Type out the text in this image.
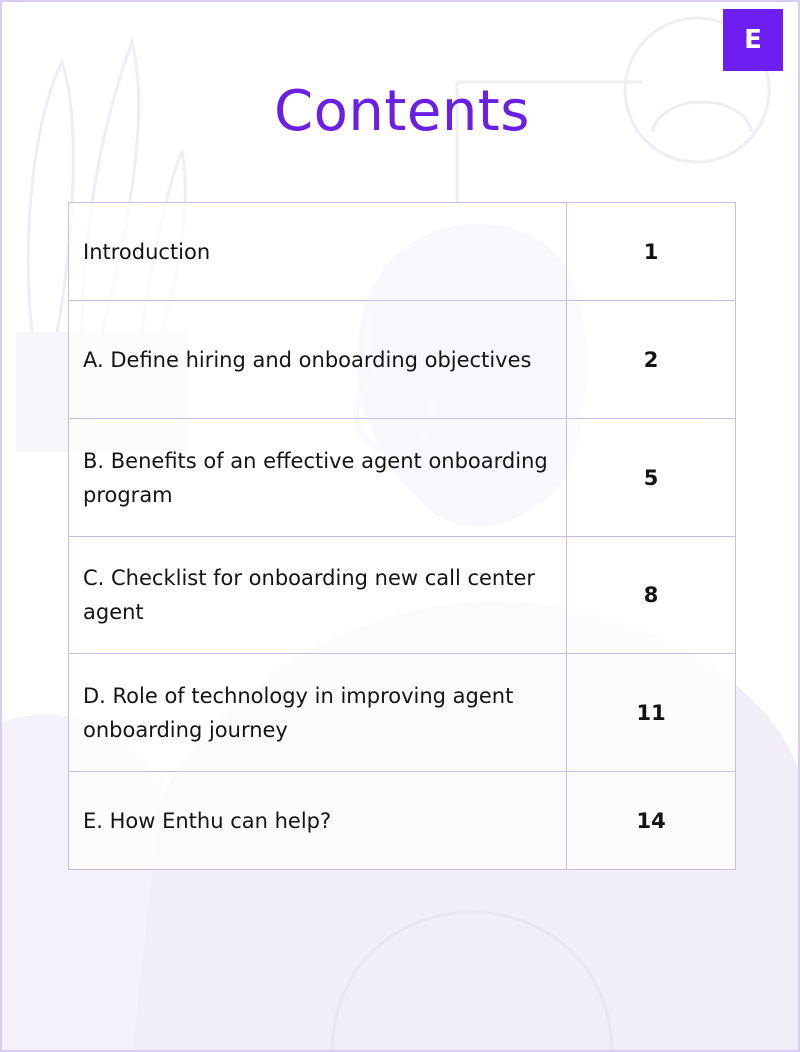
E
Contents
Introduction	1
A. Define hiring and onboarding objectives	2
B. Benefits of an effective agent onboarding program	5
C. Checklist for onboarding new call center agent	8
D. Role of technology in improving agent onboarding journey	11
E. How Enthu can help?	14
